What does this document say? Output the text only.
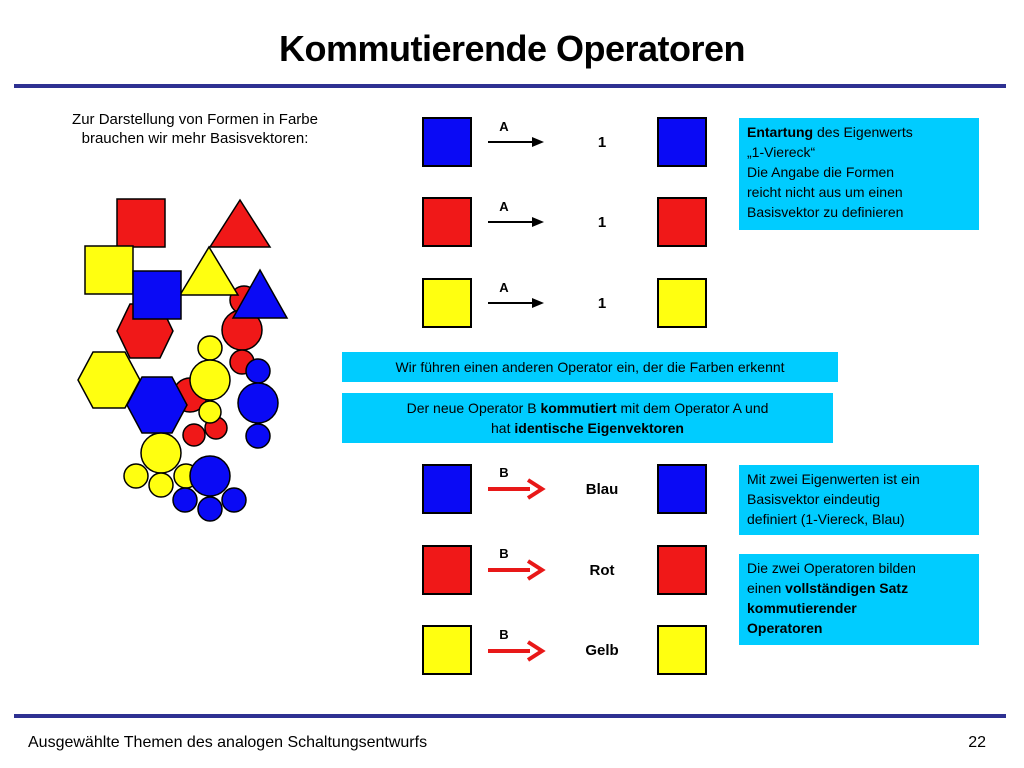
Kommutierende Operatoren
Zur Darstellung von Formen in Farbe
brauchen wir mehr Basisvektoren:
A
A
A
1
1
1
Entartung des Eigenwerts
„1-Viereck“
Die Angabe die Formen
reicht nicht aus um einen
Basisvektor zu definieren
Wir führen einen anderen Operator ein, der die Farben erkennt
Der neue Operator B kommutiert mit dem Operator A und
hat identische Eigenvektoren
B
B
B
Blau
Rot
Gelb
Mit zwei Eigenwerten ist ein
Basisvektor eindeutig
definiert (1-Viereck, Blau)
Die zwei Operatoren bilden
einen vollständigen Satz
kommutierender
Operatoren
Ausgewählte Themen des analogen Schaltungsentwurfs	22
